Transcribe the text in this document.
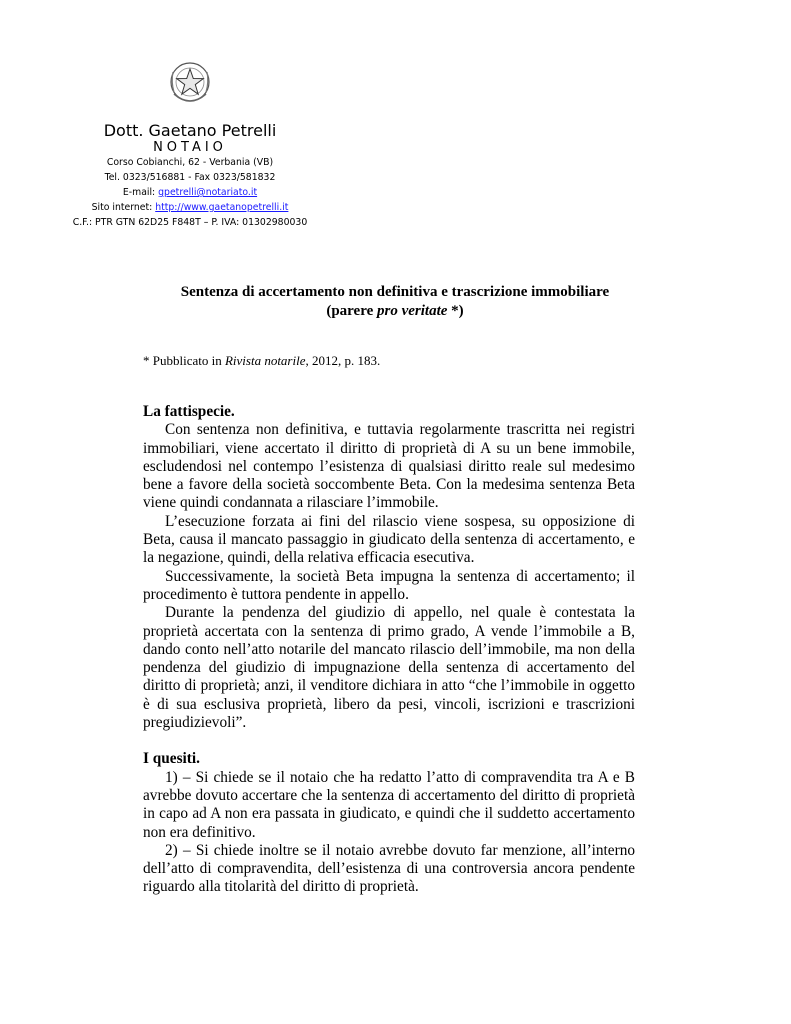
Dott. Gaetano Petrelli
NOTAIO
Corso Cobianchi, 62 - Verbania (VB)
Tel. 0323/516881 - Fax 0323/581832
E-mail: gpetrelli@notariato.it
Sito internet: http://www.gaetanopetrelli.it
C.F.: PTR GTN 62D25 F848T – P. IVA: 01302980030
Sentenza di accertamento non definitiva e trascrizione immobiliare
(parere pro veritate *)
* Pubblicato in Rivista notarile, 2012, p. 183.
La fattispecie.

Con sentenza non definitiva, e tuttavia regolarmente trascritta nei registri immobiliari, viene accertato il diritto di proprietà di A su un bene immobile, escludendosi nel contempo l’esistenza di qualsiasi diritto reale sul medesimo bene a favore della società soccombente Beta. Con la medesima sentenza Beta viene quindi condannata a rilasciare l’immobile.

L’esecuzione forzata ai fini del rilascio viene sospesa, su opposizione di Beta, causa il mancato passaggio in giudicato della sentenza di accertamento, e la negazione, quindi, della relativa efficacia esecutiva.

Successivamente, la società Beta impugna la sentenza di accertamento; il procedimento è tuttora pendente in appello.

Durante la pendenza del giudizio di appello, nel quale è contestata la proprietà accertata con la sentenza di primo grado, A vende l’immobile a B, dando conto nell’atto notarile del mancato rilascio dell’immobile, ma non della pendenza del giudizio di impugnazione della sentenza di accertamento del diritto di proprietà; anzi, il venditore dichiara in atto “che l’immobile in oggetto è di sua esclusiva proprietà, libero da pesi, vincoli, iscrizioni e trascrizioni pregiudizievoli”.

I quesiti.

1) – Si chiede se il notaio che ha redatto l’atto di compravendita tra A e B avrebbe dovuto accertare che la sentenza di accertamento del diritto di proprietà in capo ad A non era passata in giudicato, e quindi che il suddetto accertamento non era definitivo.

2) – Si chiede inoltre se il notaio avrebbe dovuto far menzione, all’interno dell’atto di compravendita, dell’esistenza di una controversia ancora pendente riguardo alla titolarità del diritto di proprietà.
